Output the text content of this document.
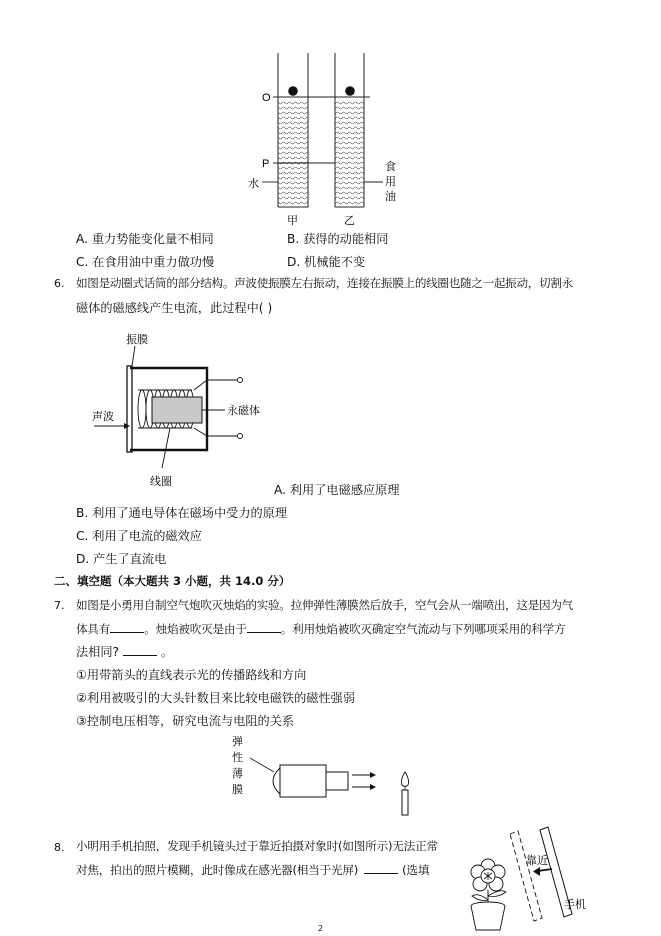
O
P
水
食
用
油
甲	乙
A. 重力势能变化量不相同	B. 获得的动能相同
C. 在食用油中重力做功慢	D. 机械能不变
6. 如图是动圈式话筒的部分结构。声波使振膜左右振动，连接在振膜上的线圈也随之一起振动，切割永
磁体的磁感线产生电流，此过程中( )
振膜
声波	永磁体
线圈
A. 利用了电磁感应原理
B. 利用了通电导体在磁场中受力的原理
C. 利用了电流的磁效应
D. 产生了直流电
二、填空题（本大题共 3 小题，共 14.0 分）
7. 如图是小勇用自制空气炮吹灭烛焰的实验。拉伸弹性薄膜然后放手，空气会从一端喷出，这是因为气
体具有	。烛焰被吹灭是由于	。利用烛焰被吹灭确定空气流动与下列哪项采用的科学方
法相同?	。
①用带箭头的直线表示光的传播路线和方向
②利用被吸引的大头针数目来比较电磁铁的磁性强弱
③控制电压相等，研究电流与电阻的关系
弹
性
薄
膜
8. 小明用手机拍照，发现手机镜头过于靠近拍摄对象时(如图所示)无法正常
对焦，拍出的照片模糊，此时像成在感光器(相当于光屏)	(选填
靠近
手机
2
